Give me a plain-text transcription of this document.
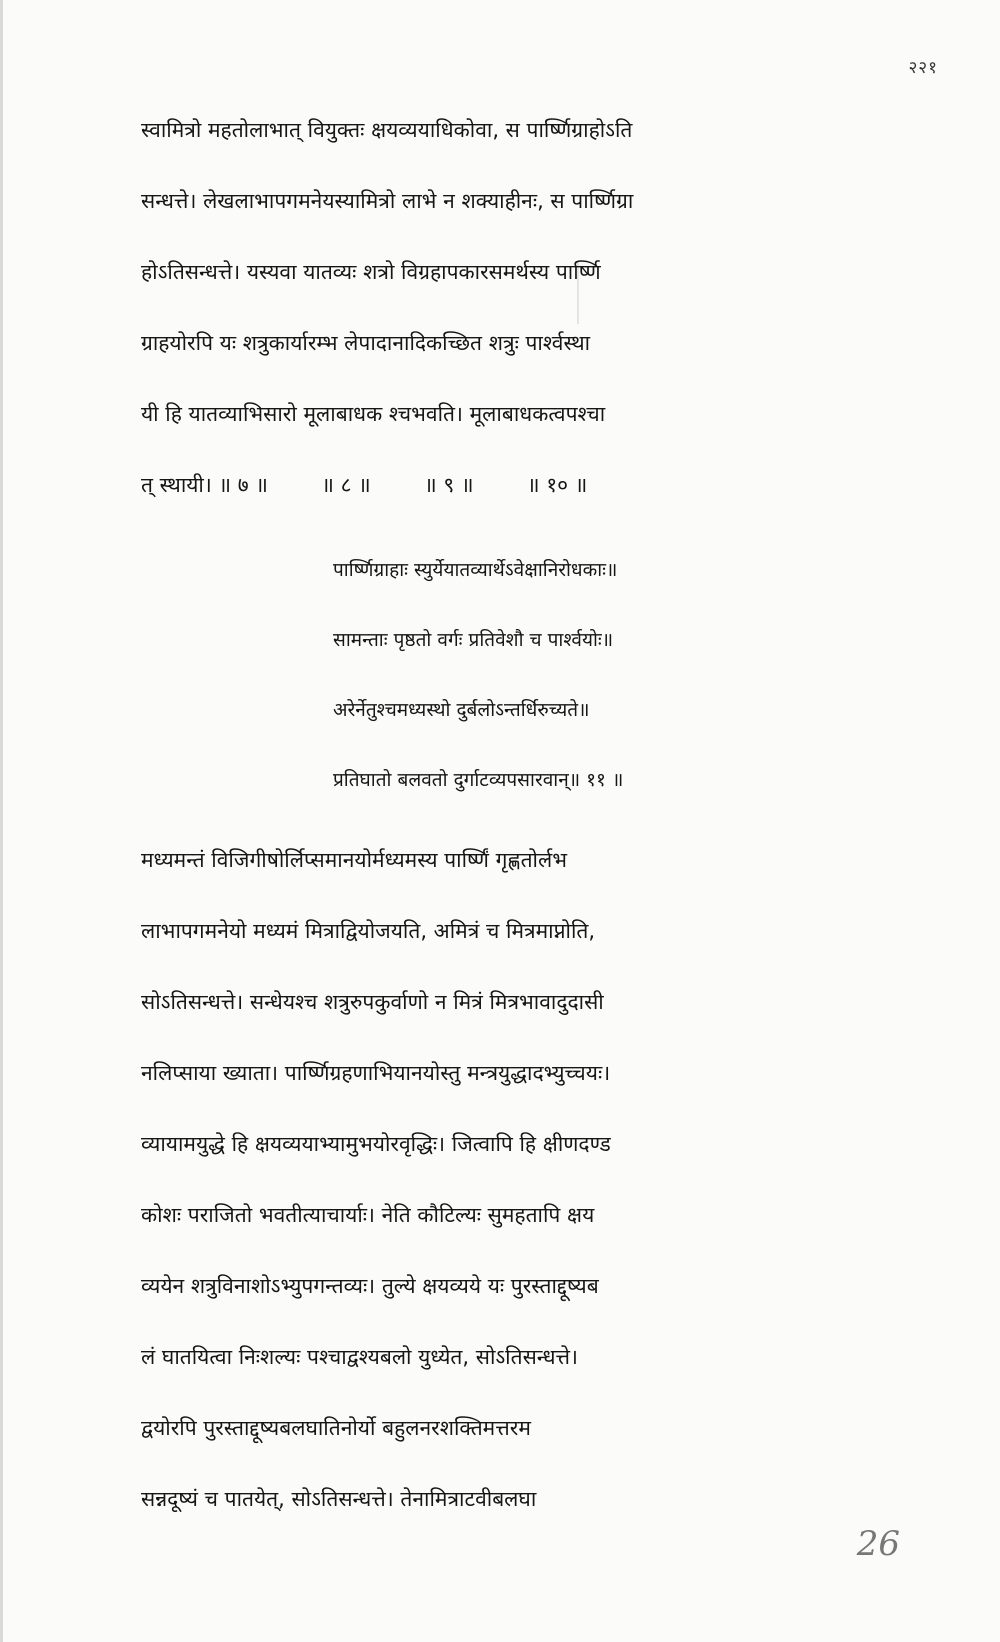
२२१
स्वामित्रो महतोलाभात् वियुक्तः क्षयव्ययाधिकोवा, स पार्ष्णिग्राहोऽति
सन्धत्ते। लेखलाभापगमनेयस्यामित्रो लाभे न शक्याहीनः, स पार्ष्णिग्रा
होऽतिसन्धत्ते। यस्यवा यातव्यः शत्रो विग्रहापकारसमर्थस्य पार्ष्णि
ग्राहयोरपि यः शत्रुकार्यारम्भ लेपादानादिकच्छित शत्रुः पार्श्वस्था
यी हि यातव्याभिसारो मूलाबाधक श्चभवति। मूलाबाधकत्वपश्चा
त् स्थायी। ॥ ७ ॥        ॥ ८ ॥        ॥ ९ ॥        ॥ १० ॥
पार्ष्णिग्राहाः स्युर्येयातव्यार्थेऽवेक्षानिरोधकाः॥
सामन्ताः पृष्ठतो वर्गः प्रतिवेशौ च पार्श्वयोः॥
अरेर्नेतुश्चमध्यस्थो दुर्बलोऽन्तर्धिरुच्यते॥
प्रतिघातो बलवतो दुर्गाटव्यपसारवान्॥ ११ ॥
मध्यमन्तं विजिगीषोर्लिप्समानयोर्मध्यमस्य पार्ष्णिं गृह्णतोर्लभ
लाभापगमनेयो मध्यमं मित्राद्वियोजयति, अमित्रं च मित्रमाप्नोति,
सोऽतिसन्धत्ते। सन्धेयश्च शत्रुरुपकुर्वाणो न मित्रं मित्रभावादुदासी
नलिप्साया ख्याता। पार्ष्णिग्रहणाभियानयोस्तु मन्त्रयुद्धादभ्युच्चयः।
व्यायामयुद्धे हि क्षयव्ययाभ्यामुभयोरवृद्धिः। जित्वापि हि क्षीणदण्ड
कोशः पराजितो भवतीत्याचार्याः। नेति कौटिल्यः सुमहतापि क्षय
व्ययेन शत्रुविनाशोऽभ्युपगन्तव्यः। तुल्ये क्षयव्यये यः पुरस्ताद्दूष्यब
लं घातयित्वा निःशल्यः पश्चाद्वश्यबलो युध्येत, सोऽतिसन्धत्ते।
द्वयोरपि पुरस्ताद्दूष्यबलघातिनोर्यो बहुलनरशक्तिमत्तरम
सन्नदूष्यं च पातयेत्, सोऽतिसन्धत्ते। तेनामित्राटवीबलघा
26
